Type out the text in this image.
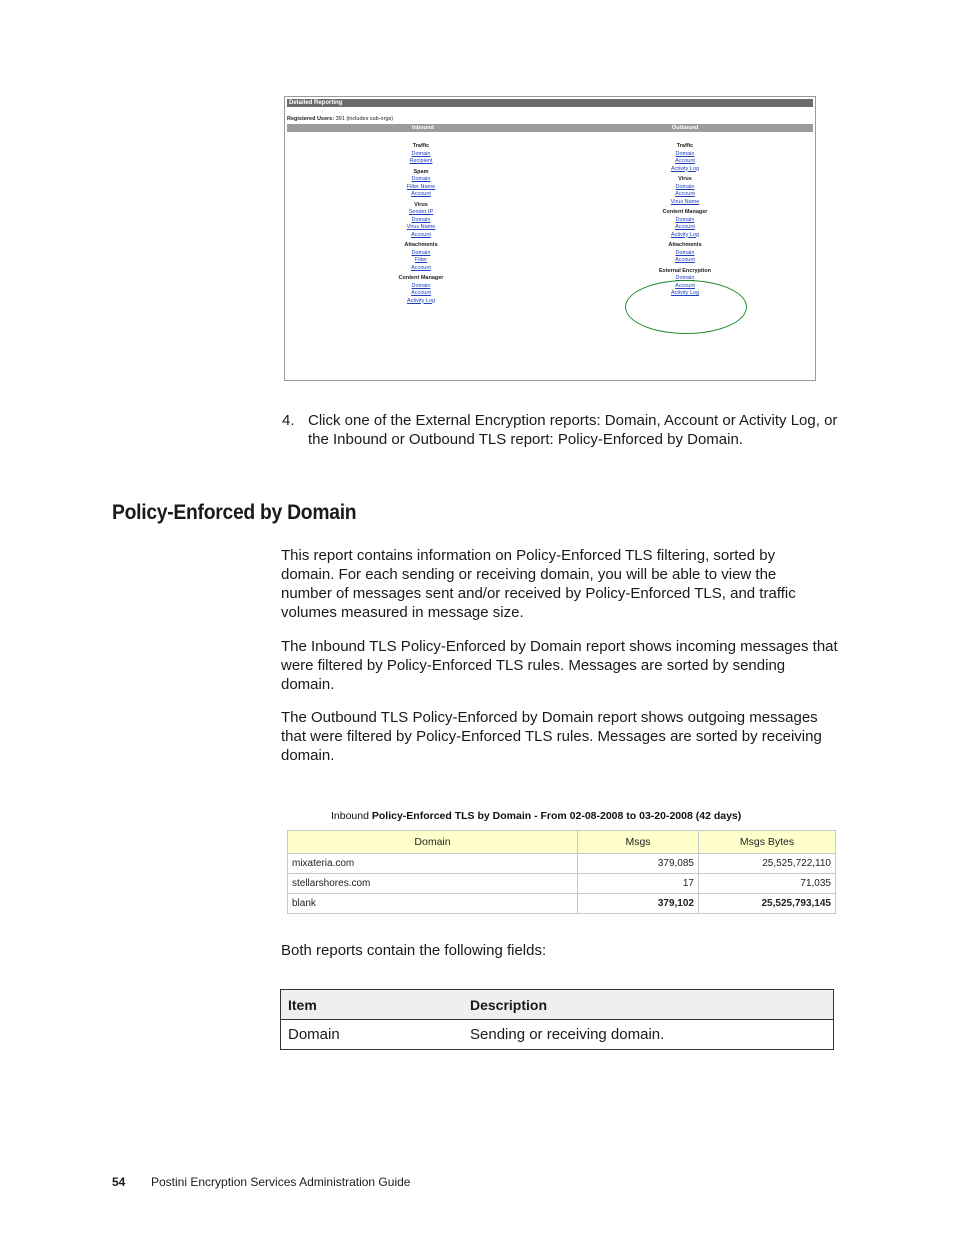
Detailed Reporting
Registered Users: 391 (includes sub-orgs)
Inbound	Outbound
Traffic
Domain
Recipient
Spam
Domain
Filter Name
Account
Virus
Sender IP
Domain
Virus Name
Account
Attachments
Domain
Filter
Account
Content Manager
Domain
Account
Activity Log
Traffic
Domain
Account
Activity Log
Virus
Domain
Account
Virus Name
Content Manager
Domain
Account
Activity Log
Attachments
Domain
Account
External Encryption
Domain
Account
Activity Log
4. Click one of the External Encryption reports: Domain, Account or Activity Log, or the Inbound or Outbound TLS report: Policy-Enforced by Domain.
Policy-Enforced by Domain
This report contains information on Policy-Enforced TLS filtering, sorted by domain. For each sending or receiving domain, you will be able to view the number of messages sent and/or received by Policy-Enforced TLS, and traffic volumes measured in message size.
The Inbound TLS Policy-Enforced by Domain report shows incoming messages that were filtered by Policy-Enforced TLS rules. Messages are sorted by sending domain.
The Outbound TLS Policy-Enforced by Domain report shows outgoing messages that were filtered by Policy-Enforced TLS rules. Messages are sorted by receiving domain.
Inbound Policy-Enforced TLS by Domain - From 02-08-2008 to 03-20-2008 (42 days)
Domain	Msgs	Msgs Bytes
mixateria.com	379,085	25,525,722,110
stellarshores.com	17	71,035
blank	379,102	25,525,793,145
Both reports contain the following fields:
Item	Description
Domain	Sending or receiving domain.
54 Postini Encryption Services Administration Guide
